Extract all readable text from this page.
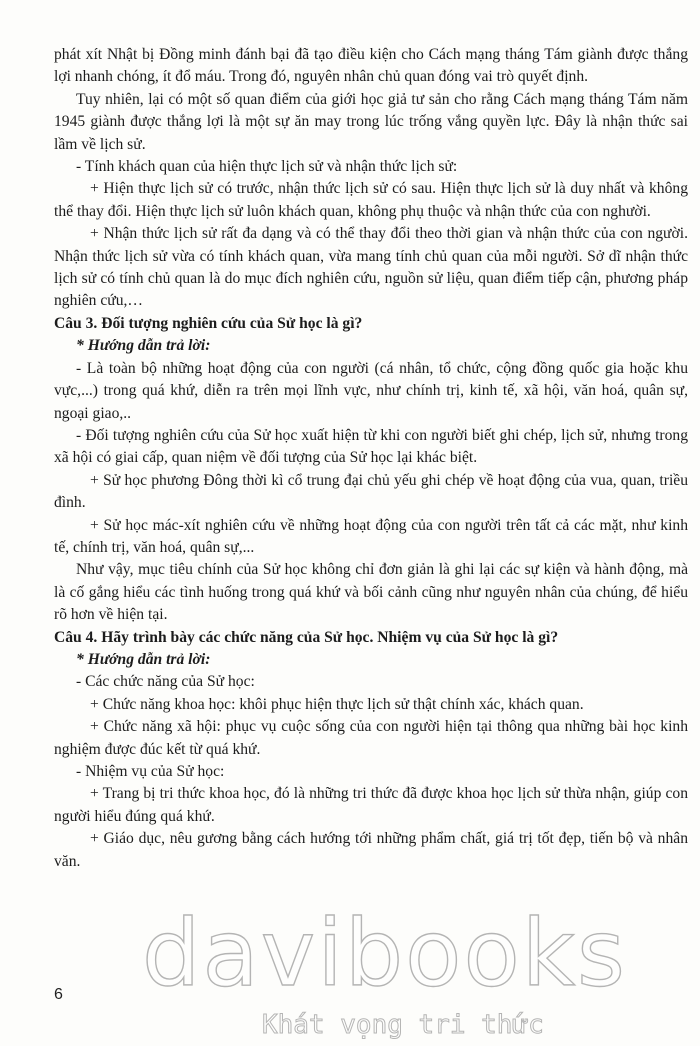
phát xít Nhật bị Đồng minh đánh bại đã tạo điều kiện cho Cách mạng tháng Tám giành được thắng lợi nhanh chóng, ít đổ máu. Trong đó, nguyên nhân chủ quan đóng vai trò quyết định.

Tuy nhiên, lại có một số quan điểm của giới học giả tư sản cho rằng Cách mạng tháng Tám năm 1945 giành được thắng lợi là một sự ăn may trong lúc trống vắng quyền lực. Đây là nhận thức sai lầm về lịch sử.

- Tính khách quan của hiện thực lịch sử và nhận thức lịch sử:

+ Hiện thực lịch sử có trước, nhận thức lịch sử có sau. Hiện thực lịch sử là duy nhất và không thể thay đổi. Hiện thực lịch sử luôn khách quan, không phụ thuộc và nhận thức của con nghười.

+ Nhận thức lịch sử rất đa dạng và có thể thay đổi theo thời gian và nhận thức của con người. Nhận thức lịch sử vừa có tính khách quan, vừa mang tính chủ quan của mỗi người. Sở dĩ nhận thức lịch sử có tính chủ quan là do mục đích nghiên cứu, nguồn sử liệu, quan điểm tiếp cận, phương pháp nghiên cứu,…

Câu 3. Đối tượng nghiên cứu của Sử học là gì?

* Hướng dẫn trả lời:

- Là toàn bộ những hoạt động của con người (cá nhân, tổ chức, cộng đồng quốc gia hoặc khu vực,...) trong quá khứ, diễn ra trên mọi lĩnh vực, như chính trị, kinh tế, xã hội, văn hoá, quân sự, ngoại giao,..

- Đối tượng nghiên cứu của Sử học xuất hiện từ khi con người biết ghi chép, lịch sử, nhưng trong xã hội có giai cấp, quan niệm về đối tượng của Sử học lại khác biệt.

+ Sử học phương Đông thời kì cổ trung đại chủ yếu ghi chép về hoạt động của vua, quan, triều đình.

+ Sử học mác-xít nghiên cứu về những hoạt động của con người trên tất cả các mặt, như kinh tế, chính trị, văn hoá, quân sự,...

Như vậy, mục tiêu chính của Sử học không chỉ đơn giản là ghi lại các sự kiện và hành động, mà là cố gắng hiểu các tình huống trong quá khứ và bối cảnh cũng như nguyên nhân của chúng, để hiểu rõ hơn về hiện tại.

Câu 4. Hãy trình bày các chức năng của Sử học. Nhiệm vụ của Sử học là gì?

* Hướng dẫn trả lời:

- Các chức năng của Sử học:

+ Chức năng khoa học: khôi phục hiện thực lịch sử thật chính xác, khách quan.

+ Chức năng xã hội: phục vụ cuộc sống của con người hiện tại thông qua những bài học kinh nghiệm được đúc kết từ quá khứ.

- Nhiệm vụ của Sử học:

+ Trang bị tri thức khoa học, đó là những tri thức đã được khoa học lịch sử thừa nhận, giúp con người hiểu đúng quá khứ.

+ Giáo dục, nêu gương bằng cách hướng tới những phẩm chất, giá trị tốt đẹp, tiến bộ và nhân văn.

6 davibooks
Khát vọng tri thức
